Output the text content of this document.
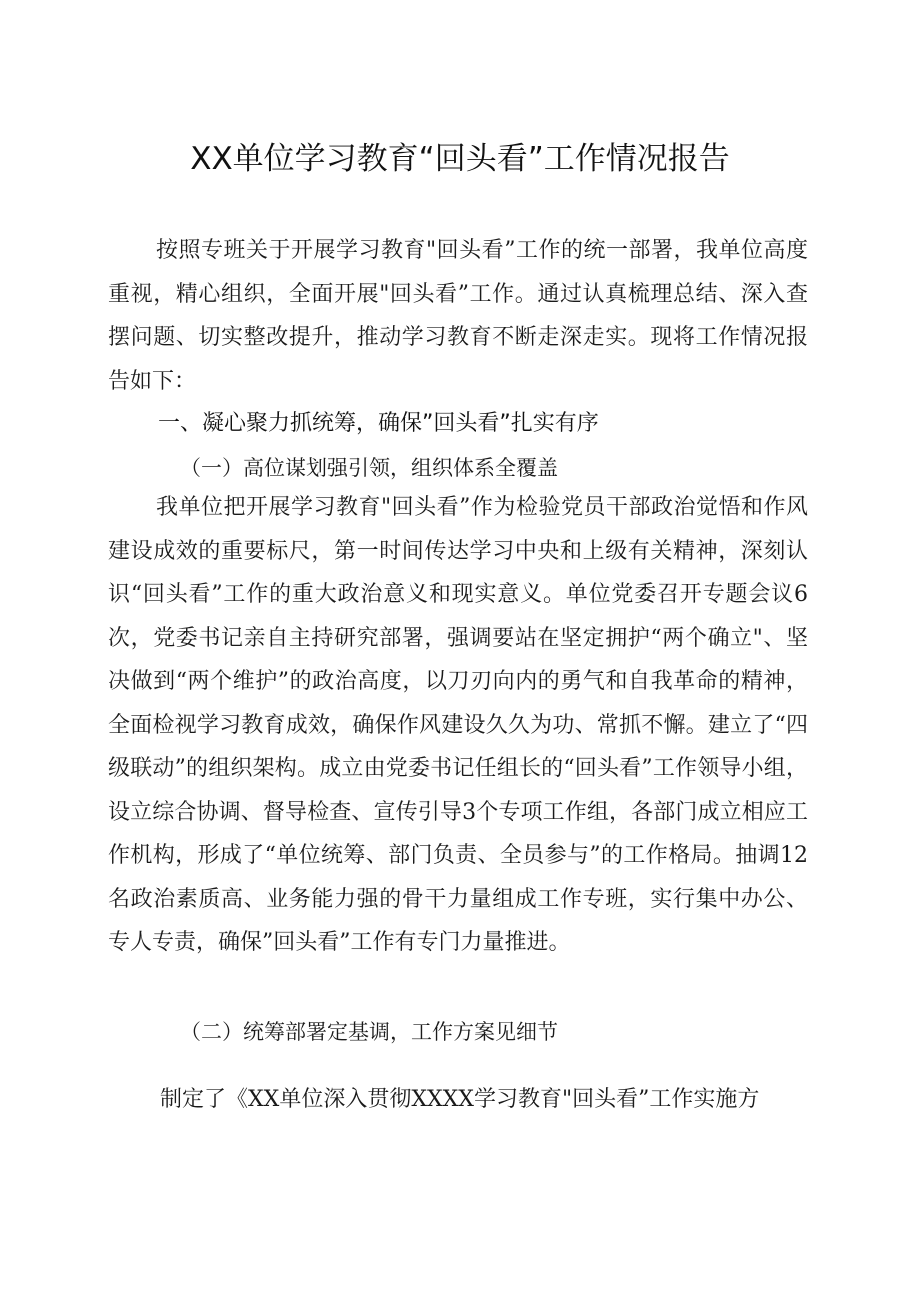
XX单位学习教育“回头看”工作情况报告

按照专班关于开展学习教育"回头看”工作的统一部署，我单位高度重视，精心组织，全面开展"回头看”工作。通过认真梳理总结、深入查摆问题、切实整改提升，推动学习教育不断走深走实。现将工作情况报告如下：

一、凝心聚力抓统筹，确保”回头看”扎实有序
（一）高位谋划强引领，组织体系全覆盖

我单位把开展学习教育"回头看”作为检验党员干部政治觉悟和作风建设成效的重要标尺，第一时间传达学习中央和上级有关精神，深刻认识“回头看”工作的重大政治意义和现实意义。单位党委召开专题会议6次，党委书记亲自主持研究部署，强调要站在坚定拥护“两个确立"、坚决做到“两个维护”的政治高度，以刀刃向内的勇气和自我革命的精神，全面检视学习教育成效，确保作风建设久久为功、常抓不懈。建立了“四级联动”的组织架构。成立由党委书记任组长的“回头看”工作领导小组，设立综合协调、督导检查、宣传引导3个专项工作组，各部门成立相应工作机构，形成了“单位统筹、部门负责、全员参与”的工作格局。抽调12名政治素质高、业务能力强的骨干力量组成工作专班，实行集中办公、专人专责，确保”回头看”工作有专门力量推进。

（二）统筹部署定基调，工作方案见细节

制定了《XX单位深入贯彻XXXX学习教育"回头看”工作实施方
